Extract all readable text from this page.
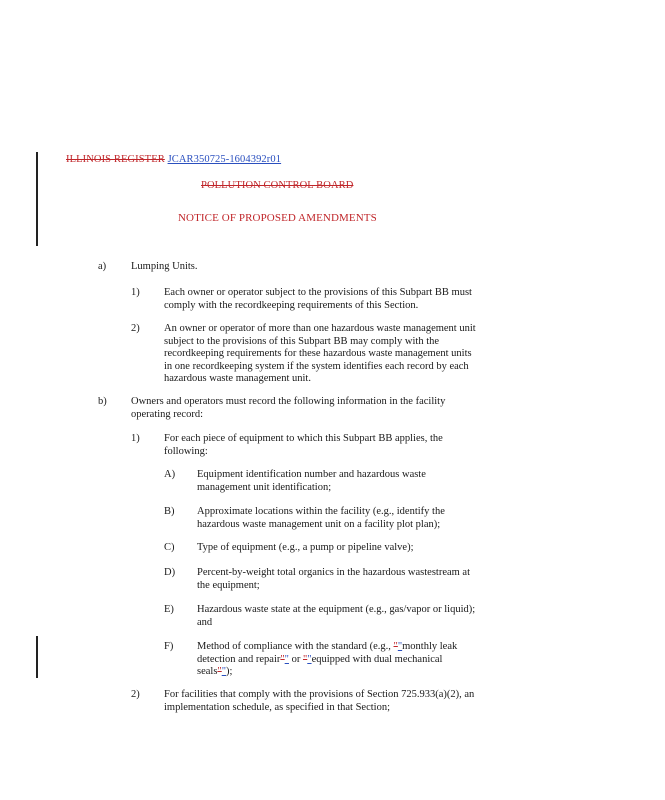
ILLINOIS REGISTER JCAR350725-1604392r01
POLLUTION CONTROL BOARD
NOTICE OF PROPOSED AMENDMENTS
a) Lumping Units.
1) Each owner or operator subject to the provisions of this Subpart BB must
comply with the recordkeeping requirements of this Section.
2) An owner or operator of more than one hazardous waste management unit
subject to the provisions of this Subpart BB may comply with the
recordkeeping requirements for these hazardous waste management units
in one recordkeeping system if the system identifies each record by each
hazardous waste management unit.
b) Owners and operators must record the following information in the facility
operating record:
1) For each piece of equipment to which this Subpart BB applies, the
following:
A) Equipment identification number and hazardous waste
management unit identification;
B) Approximate locations within the facility (e.g., identify the
hazardous waste management unit on a facility plot plan);
C) Type of equipment (e.g., a pump or pipeline valve);
D) Percent-by-weight total organics in the hazardous wastestream at
the equipment;
E) Hazardous waste state at the equipment (e.g., gas/vapor or liquid);
and
F) Method of compliance with the standard (e.g., ""monthly leak
detection and repair"" or ""equipped with dual mechanical
seals"");
2) For facilities that comply with the provisions of Section 725.933(a)(2), an
implementation schedule, as specified in that Section;
